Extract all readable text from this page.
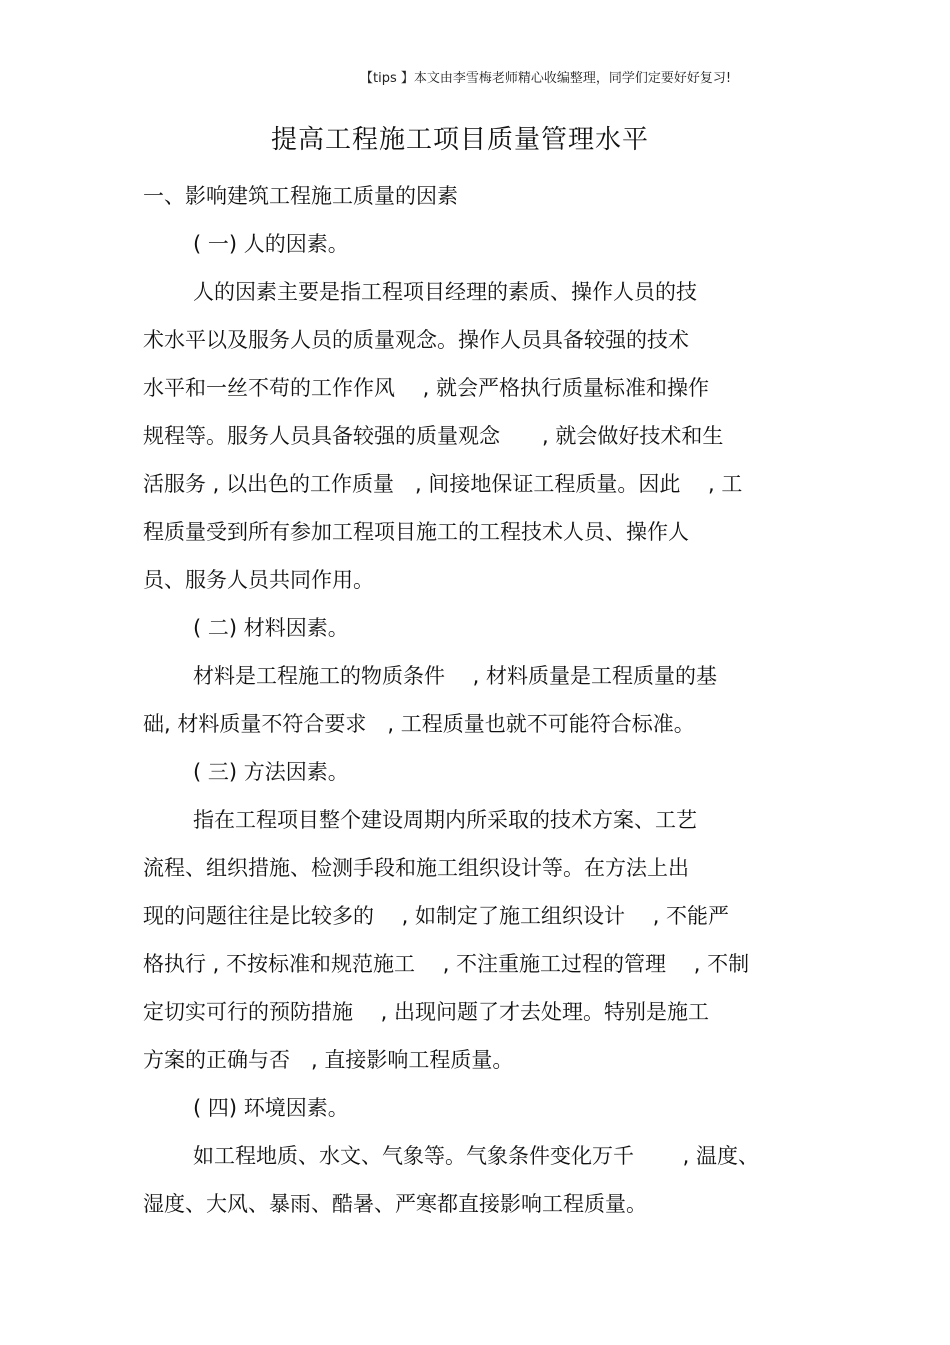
【tips 】本文由李雪梅老师精心收编整理，同学们定要好好复习!
提高工程施工项目质量管理水平
一、影响建筑工程施工质量的因素
( 一) 人的因素。
人的因素主要是指工程项目经理的素质、操作人员的技
术水平以及服务人员的质量观念。操作人员具备较强的技术
水平和一丝不苟的工作作风　 , 就会严格执行质量标准和操作
规程等。服务人员具备较强的质量观念　　, 就会做好技术和生
活服务 , 以出色的工作质量　, 间接地保证工程质量。因此　 , 工
程质量受到所有参加工程项目施工的工程技术人员、操作人
员、服务人员共同作用。
( 二) 材料因素。
材料是工程施工的物质条件　 , 材料质量是工程质量的基
础, 材料质量不符合要求　, 工程质量也就不可能符合标准。
( 三) 方法因素。
指在工程项目整个建设周期内所采取的技术方案、工艺
流程、组织措施、检测手段和施工组织设计等。在方法上出
现的问题往往是比较多的　 , 如制定了施工组织设计　 , 不能严
格执行 , 不按标准和规范施工　 , 不注重施工过程的管理　 , 不制
定切实可行的预防措施　 , 出现问题了才去处理。特别是施工
方案的正确与否　, 直接影响工程质量。
( 四) 环境因素。
如工程地质、水文、气象等。气象条件变化万千　　 , 温度、
湿度、大风、暴雨、酷暑、严寒都直接影响工程质量。
